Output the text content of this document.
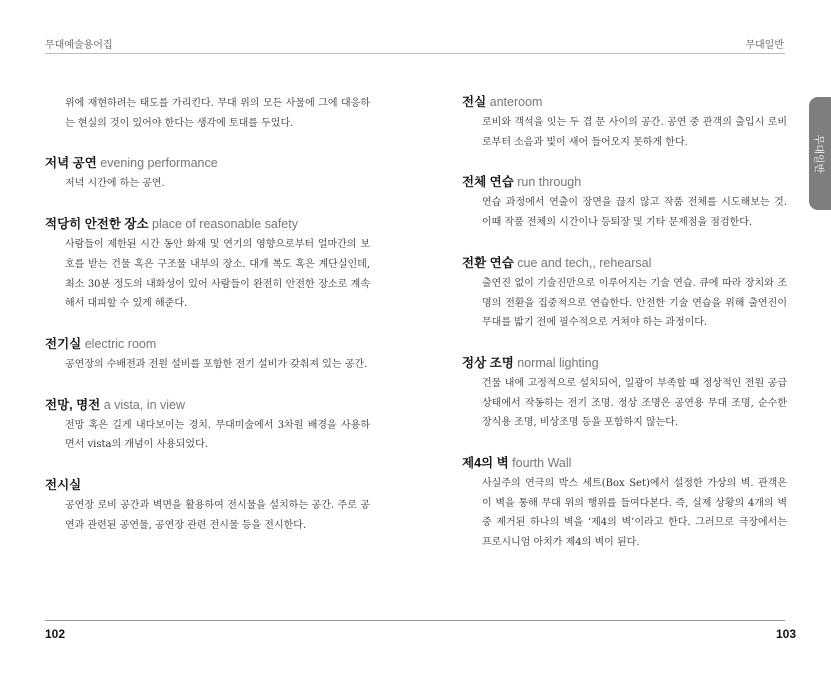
무대예술용어집	무대일반
무대일반

위에 재현하려는 태도를 가리킨다. 무대 위의 모든 사물에 그에 대응하는 현실의 것이 있어야 한다는 생각에 토대를 두었다.

저녁 공연 evening performance

저녁 시간에 하는 공연.

적당히 안전한 장소 place of reasonable safety

사람들이 제한된 시간 동안 화재 및 연기의 영향으로부터 얼마간의 보호를 받는 건물 혹은 구조물 내부의 장소. 대개 복도 혹은 계단실인데, 최소 30분 정도의 내화성이 있어 사람들이 완전히 안전한 장소로 계속해서 대피할 수 있게 해준다.

전기실 electric room

공연장의 수배전과 전원 설비를 포함한 전기 설비가 갖춰져 있는 공간.

전망, 명전 a vista, in view

전망 혹은 길게 내다보이는 경치. 무대미술에서 3차원 배경을 사용하면서 vista의 개념이 사용되었다.

전시실

공연장 로비 공간과 벽면을 활용하여 전시물을 설치하는 공간. 주로 공연과 관련된 공연물, 공연장 관련 전시물 등을 전시한다.

전실 anteroom

로비와 객석을 잇는 두 겹 문 사이의 공간. 공연 중 관객의 출입시 로비로부터 소음과 빛이 새어 들어오지 못하게 한다.

전체 연습 run through

연습 과정에서 연출이 장면을 끊지 않고 작품 전체를 시도해보는 것. 이때 작품 전체의 시간이나 등퇴장 및 기타 문제점을 점검한다.

전환 연습 cue and tech,, rehearsal

출연진 없이 기술진만으로 이루어지는 기술 연습. 큐에 따라 장치와 조명의 전환을 집중적으로 연습한다. 안전한 기술 연습을 위해 출연진이 무대를 밟기 전에 필수적으로 거쳐야 하는 과정이다.

정상 조명 normal lighting

건물 내에 고정적으로 설치되어, 일광이 부족할 때 정상적인 전원 공급 상태에서 작동하는 전기 조명. 정상 조명은 공연용 무대 조명, 순수한 장식용 조명, 비상조명 등을 포함하지 않는다.

제4의 벽 fourth Wall

사실주의 연극의 박스 세트(Box Set)에서 설정한 가상의 벽. 관객은 이 벽을 통해 무대 위의 행위를 들여다본다. 즉, 실제 상황의 4개의 벽 중 제거된 하나의 벽을 ‘제4의 벽’이라고 한다. 그러므로 극장에서는 프로시니엄 아치가 제4의 벽이 된다.

102	103
